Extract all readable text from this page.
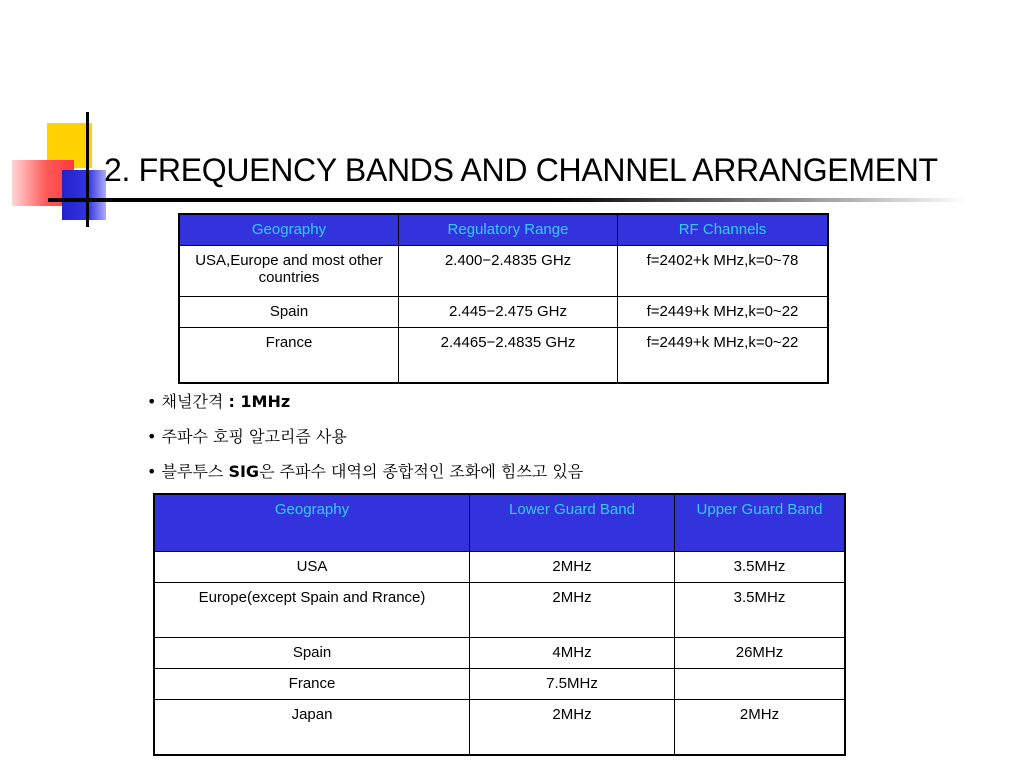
2. FREQUENCY BANDS AND CHANNEL ARRANGEMENT
Geography	Regulatory Range	RF Channels
USA,Europe and most other countries	2.400−2.4835 GHz	f=2402+k MHz,k=0~78
Spain	2.445−2.475 GHz	f=2449+k MHz,k=0~22
France	2.4465−2.4835 GHz	f=2449+k MHz,k=0~22
• 채널간격 : 1MHz
• 주파수 호핑 알고리즘 사용
• 블루투스 SIG은 주파수 대역의 종합적인 조화에 힘쓰고 있음
Geography	Lower Guard Band	Upper Guard Band
USA	2MHz	3.5MHz
Europe(except Spain and Rrance)	2MHz	3.5MHz
Spain	4MHz	26MHz
France	7.5MHz	
Japan	2MHz	2MHz
